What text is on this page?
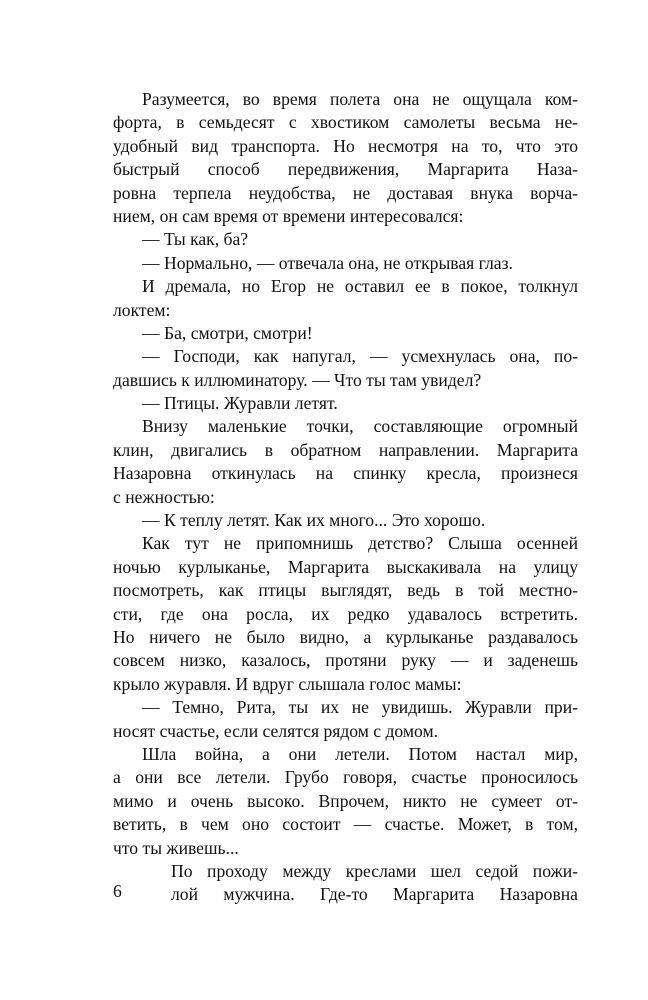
Разумеется, во время полета она не ощущала ком-
форта, в семьдесят с хвостиком самолеты весьма не-
удобный вид транспорта. Но несмотря на то, что это
быстрый способ передвижения, Маргарита Наза-
ровна терпела неудобства, не доставая внука ворча-
нием, он сам время от времени интересовался:
— Ты как, ба?
— Нормально, — отвечала она, не открывая глаз.
И дремала, но Егор не оставил ее в покое, толкнул
локтем:
— Ба, смотри, смотри!
— Господи, как напугал, — усмехнулась она, по-
давшись к иллюминатору. — Что ты там увидел?
— Птицы. Журавли летят.
Внизу маленькие точки, составляющие огромный
клин, двигались в обратном направлении. Маргарита
Назаровна откинулась на спинку кресла, произнеся
с нежностью:
— К теплу летят. Как их много... Это хорошо.
Как тут не припомнишь детство? Слыша осенней
ночью курлыканье, Маргарита выскакивала на улицу
посмотреть, как птицы выглядят, ведь в той местно-
сти, где она росла, их редко удавалось встретить.
Но ничего не было видно, а курлыканье раздавалось
совсем низко, казалось, протяни руку — и заденешь
крыло журавля. И вдруг слышала голос мамы:
— Темно, Рита, ты их не увидишь. Журавли при-
носят счастье, если селятся рядом с домом.
Шла война, а они летели. Потом настал мир,
а они все летели. Грубо говоря, счастье проносилось
мимо и очень высоко. Впрочем, никто не сумеет от-
ветить, в чем оно состоит — счастье. Может, в том,
что ты живешь...
По проходу между креслами шел седой пожи-
лой мужчина. Где-то Маргарита Назаровна
6
